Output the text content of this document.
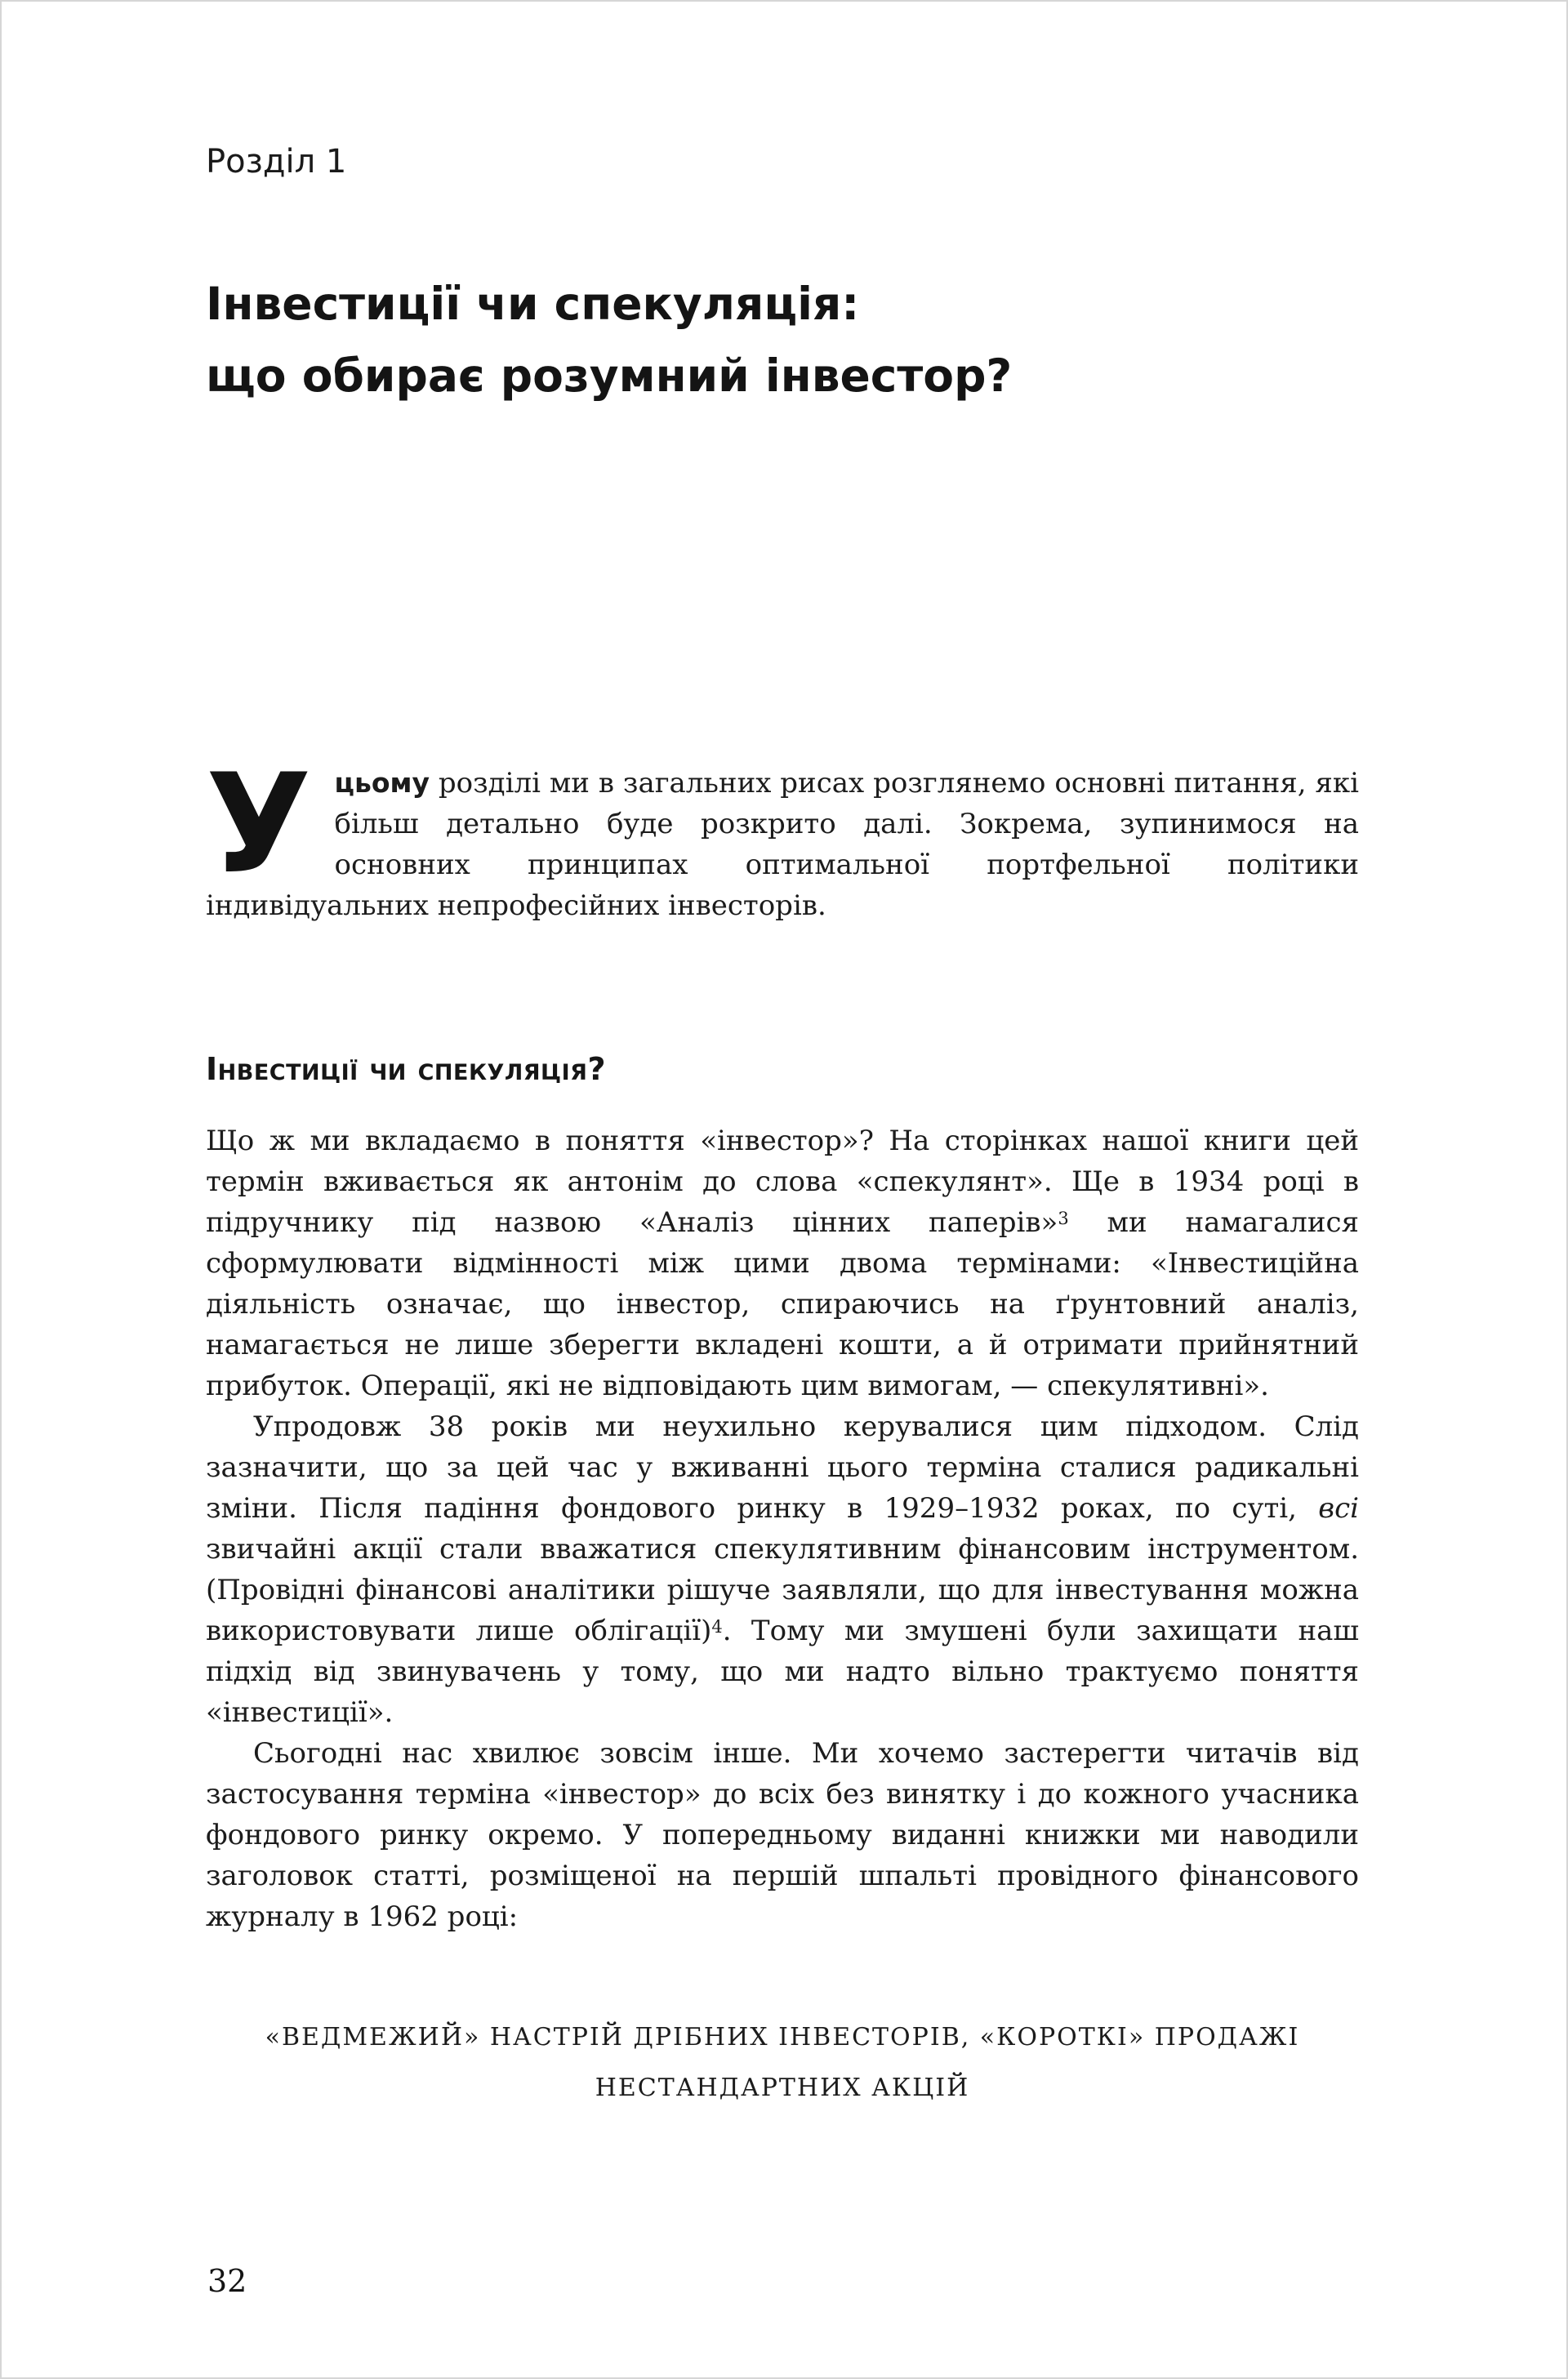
Розділ 1
Інвестиції чи спекуляція:
що обирає розумний інвестор?

Уцьому розділі ми в загальних рисах розглянемо основні питання, які більш детально буде розкрито далі. Зокрема, зупинимося на основних принципах оптимальної портфельної політики індивідуальних непрофесійних інвесторів.

Інвестиції чи спекуляція?

Що ж ми вкладаємо в поняття «інвестор»? На сторінках нашої книги цей термін вживається як антонім до слова «спекулянт». Ще в 1934 році в підручнику під назвою «Аналіз цінних паперів»$^3$ ми намагалися сформулювати відмінності між цими двома термінами: «Інвестиційна діяльність означає, що інвестор, спираючись на ґрунтовний аналіз, намагається не лише зберегти вкладені кошти, а й отримати прийнятний прибуток. Операції, які не відповідають цим вимогам, — спекулятивні».

Упродовж 38 років ми неухильно керувалися цим підходом. Слід зазначити, що за цей час у вживанні цього терміна сталися радикальні зміни. Після падіння фондового ринку в 1929–1932 роках, по суті, всі звичайні акції стали вважатися спекулятивним фінансовим інструментом. (Провідні фінансові аналітики рішуче заявляли, що для інвестування можна використовувати лише облігації)$^4$. Тому ми змушені були захищати наш підхід від звинувачень у тому, що ми надто вільно трактуємо поняття «інвестиції».

Сьогодні нас хвилює зовсім інше. Ми хочемо застерегти читачів від застосування терміна «інвестор» до всіх без винятку і до кожного учасника фондового ринку окремо. У попередньому виданні книжки ми наводили заголовок статті, розміщеної на першій шпальті провідного фінансового журналу в 1962 році:

«ВЕДМЕЖИЙ» НАСТРІЙ ДРІБНИХ ІНВЕСТОРІВ, «КОРОТКІ» ПРОДАЖІ
НЕСТАНДАРТНИХ АКЦІЙ
32
